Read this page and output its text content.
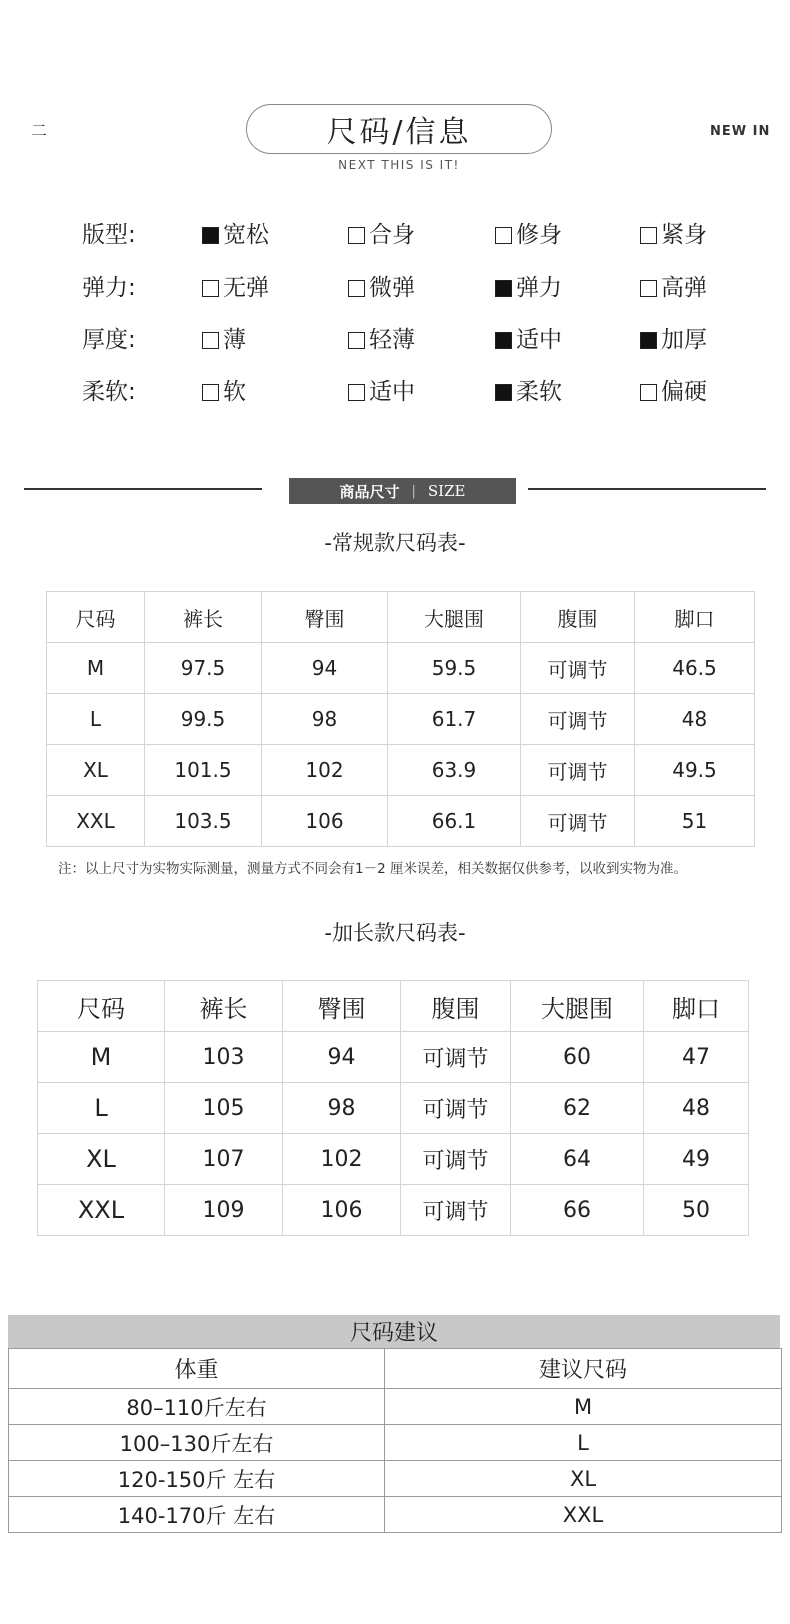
二	尺码/信息
NEXT THIS IS IT!
NEW IN
版型:	宽松	合身	修身	紧身
弹力:	无弹	微弹	弹力	高弹
厚度:	薄	轻薄	适中	加厚
柔软:	软	适中	柔软	偏硬
商品尺寸 | SIZE
-常规款尺码表-
尺码	裤长	臀围	大腿围	腹围	脚口
M	97.5	94	59.5	可调节	46.5
L	99.5	98	61.7	可调节	48
XL	101.5	102	63.9	可调节	49.5
XXL	103.5	106	66.1	可调节	51
注：以上尺寸为实物实际测量，测量方式不同会有1－2 厘米误差，相关数据仅供参考，以收到实物为准。
-加长款尺码表-
尺码	裤长	臀围	腹围	大腿围	脚口
M	103	94	可调节	60	47
L	105	98	可调节	62	48
XL	107	102	可调节	64	49
XXL	109	106	可调节	66	50
尺码建议
体重	建议尺码
80–110斤左右	M
100–130斤左右	L
120-150斤 左右	XL
140-170斤 左右	XXL
